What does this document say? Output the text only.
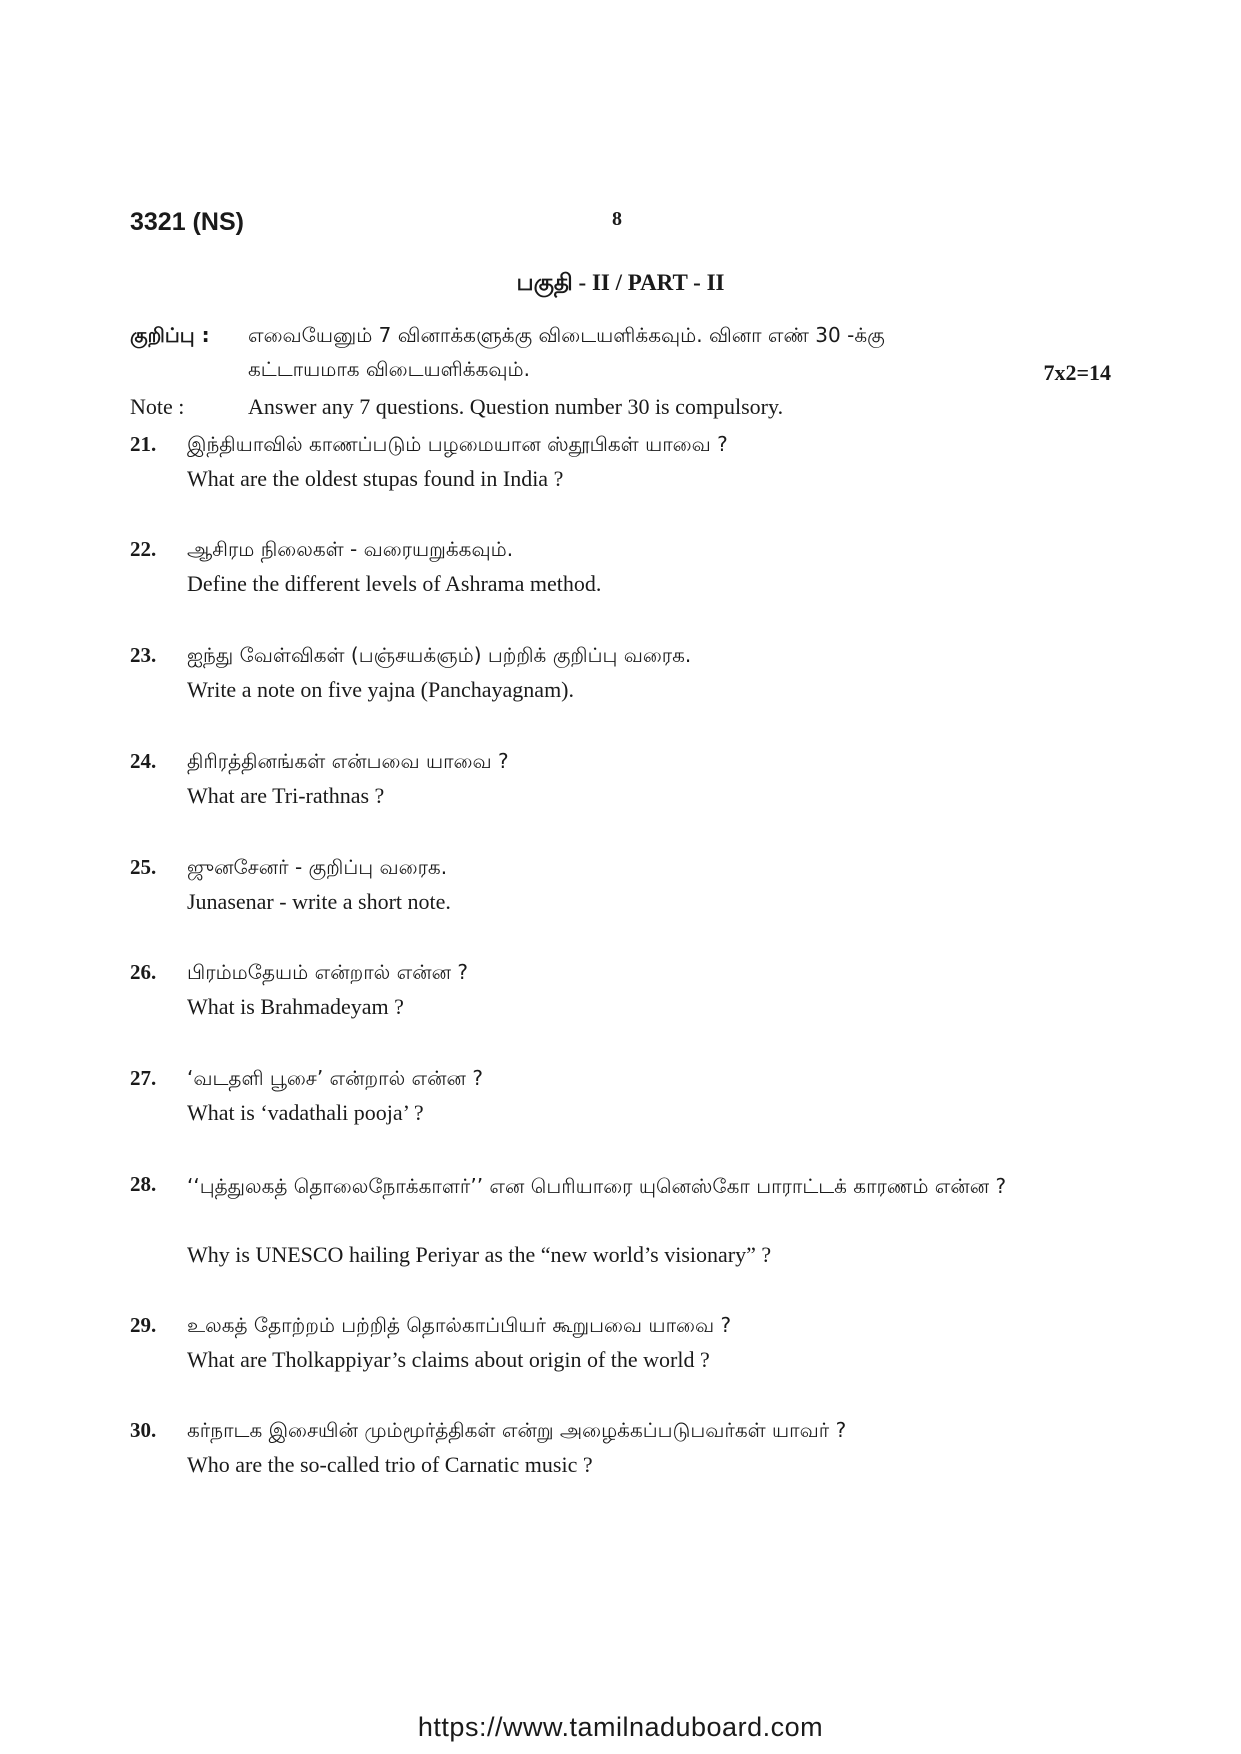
3321 (NS)	8
பகுதி - II / PART - II
குறிப்பு : எவையேனும் 7 வினாக்களுக்கு விடையளிக்கவும். வினா எண் 30 -க்கு
கட்டாயமாக விடையளிக்கவும்.	7x2=14
Note :	Answer any 7 questions. Question number 30 is compulsory.
21. இந்தியாவில் காணப்படும் பழமையான ஸ்தூபிகள் யாவை ?
What are the oldest stupas found in India ?
22. ஆசிரம நிலைகள் - வரையறுக்கவும்.
Define the different levels of Ashrama method.
23. ஐந்து வேள்விகள் (பஞ்சயக்ஞம்) பற்றிக் குறிப்பு வரைக.
Write a note on five yajna (Panchayagnam).
24. திரிரத்தினங்கள் என்பவை யாவை ?
What are Tri-rathnas ?
25. ஜுனசேனர் - குறிப்பு வரைக.
Junasenar - write a short note.
26. பிரம்மதேயம் என்றால் என்ன ?
What is Brahmadeyam ?
27. ‘வடதளி பூசை’ என்றால் என்ன ?
What is ‘vadathali pooja’ ?
28. ‘‘புத்துலகத் தொலைநோக்காளர்’’ என பெரியாரை யுனெஸ்கோ பாராட்டக் காரணம் என்ன ?
Why is UNESCO hailing Periyar as the “new world’s visionary” ?
29. உலகத் தோற்றம் பற்றித் தொல்காப்பியர் கூறுபவை யாவை ?
What are Tholkappiyar’s claims about origin of the world ?
30. கர்நாடக இசையின் மும்மூர்த்திகள் என்று அழைக்கப்படுபவர்கள் யாவர் ?
Who are the so-called trio of Carnatic music ?
https://www.tamilnaduboard.com
